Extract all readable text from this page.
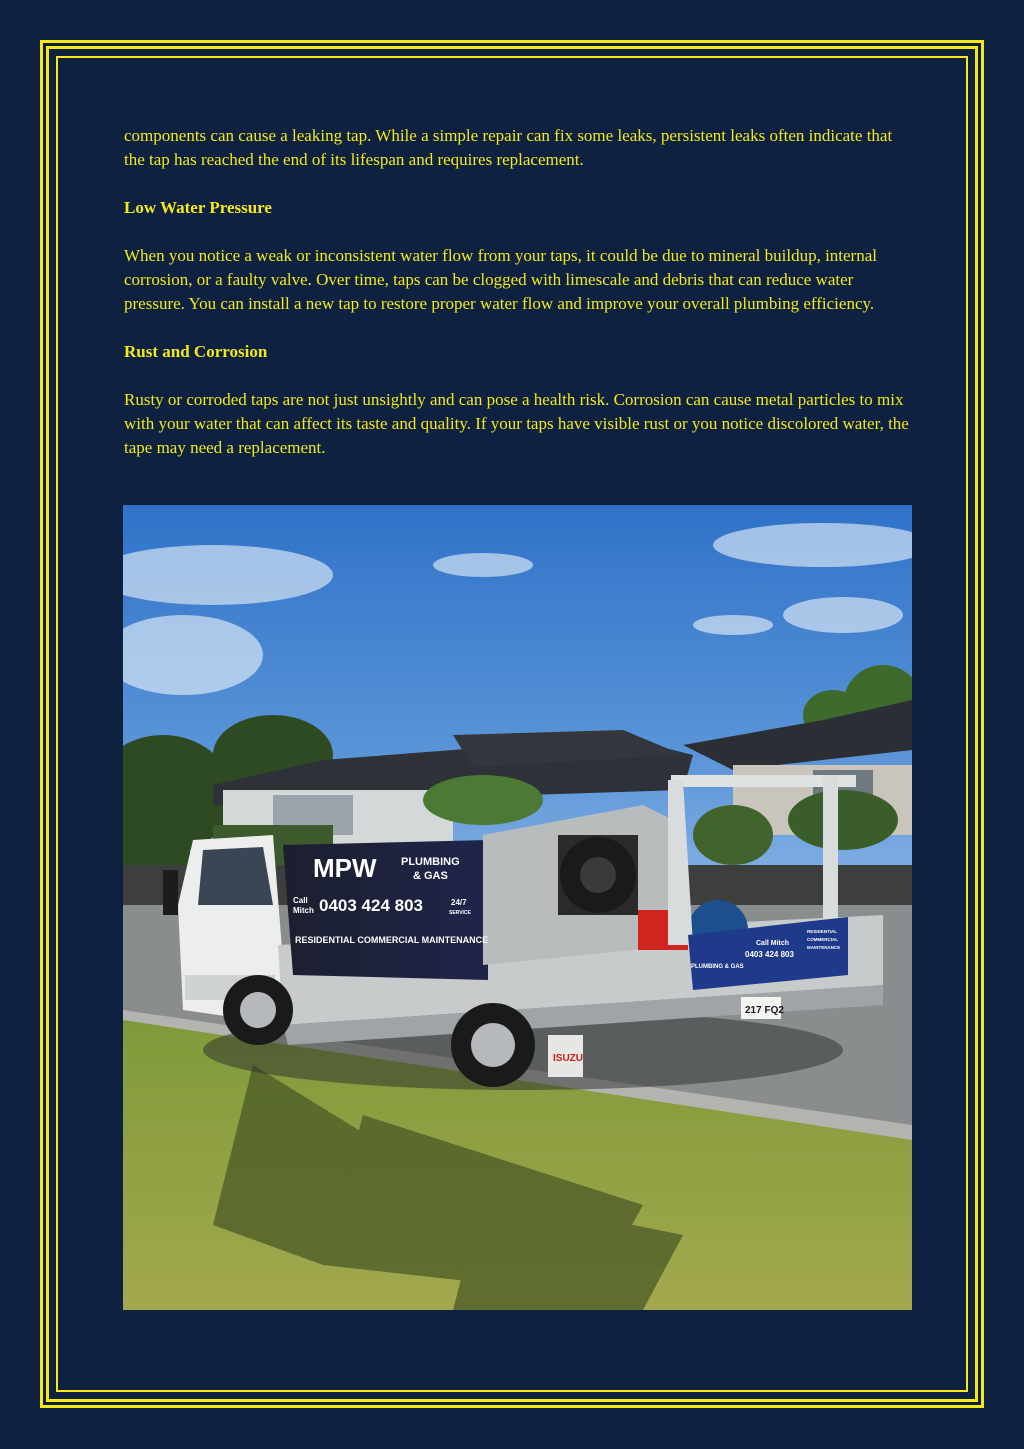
components can cause a leaking tap. While a simple repair can fix some leaks, persistent leaks often indicate that the tap has reached the end of its lifespan and requires replacement.

Low Water Pressure

When you notice a weak or inconsistent water flow from your taps, it could be due to mineral buildup, internal corrosion, or a faulty valve. Over time, taps can be clogged with limescale and debris that can reduce water pressure. You can install a new tap to restore proper water flow and improve your overall plumbing efficiency.

Rust and Corrosion

Rusty or corroded taps are not just unsightly and can pose a health risk. Corrosion can cause metal particles to mix with your water that can affect its taste and quality. If your taps have visible rust or you notice discolored water, the tape may need a replacement.

MPW PLUMBING
& GAS
Call
Mitch 0403 424 803	24/7
SERVICE
RESIDENTIAL COMMERCIAL MAINTENANCE	Call Mitch
0403 424 803
PLUMBING & GAS
RESIDENTIAL
COMMERCIAL
MAINTENANCE
ISUZU
217 FQ2
